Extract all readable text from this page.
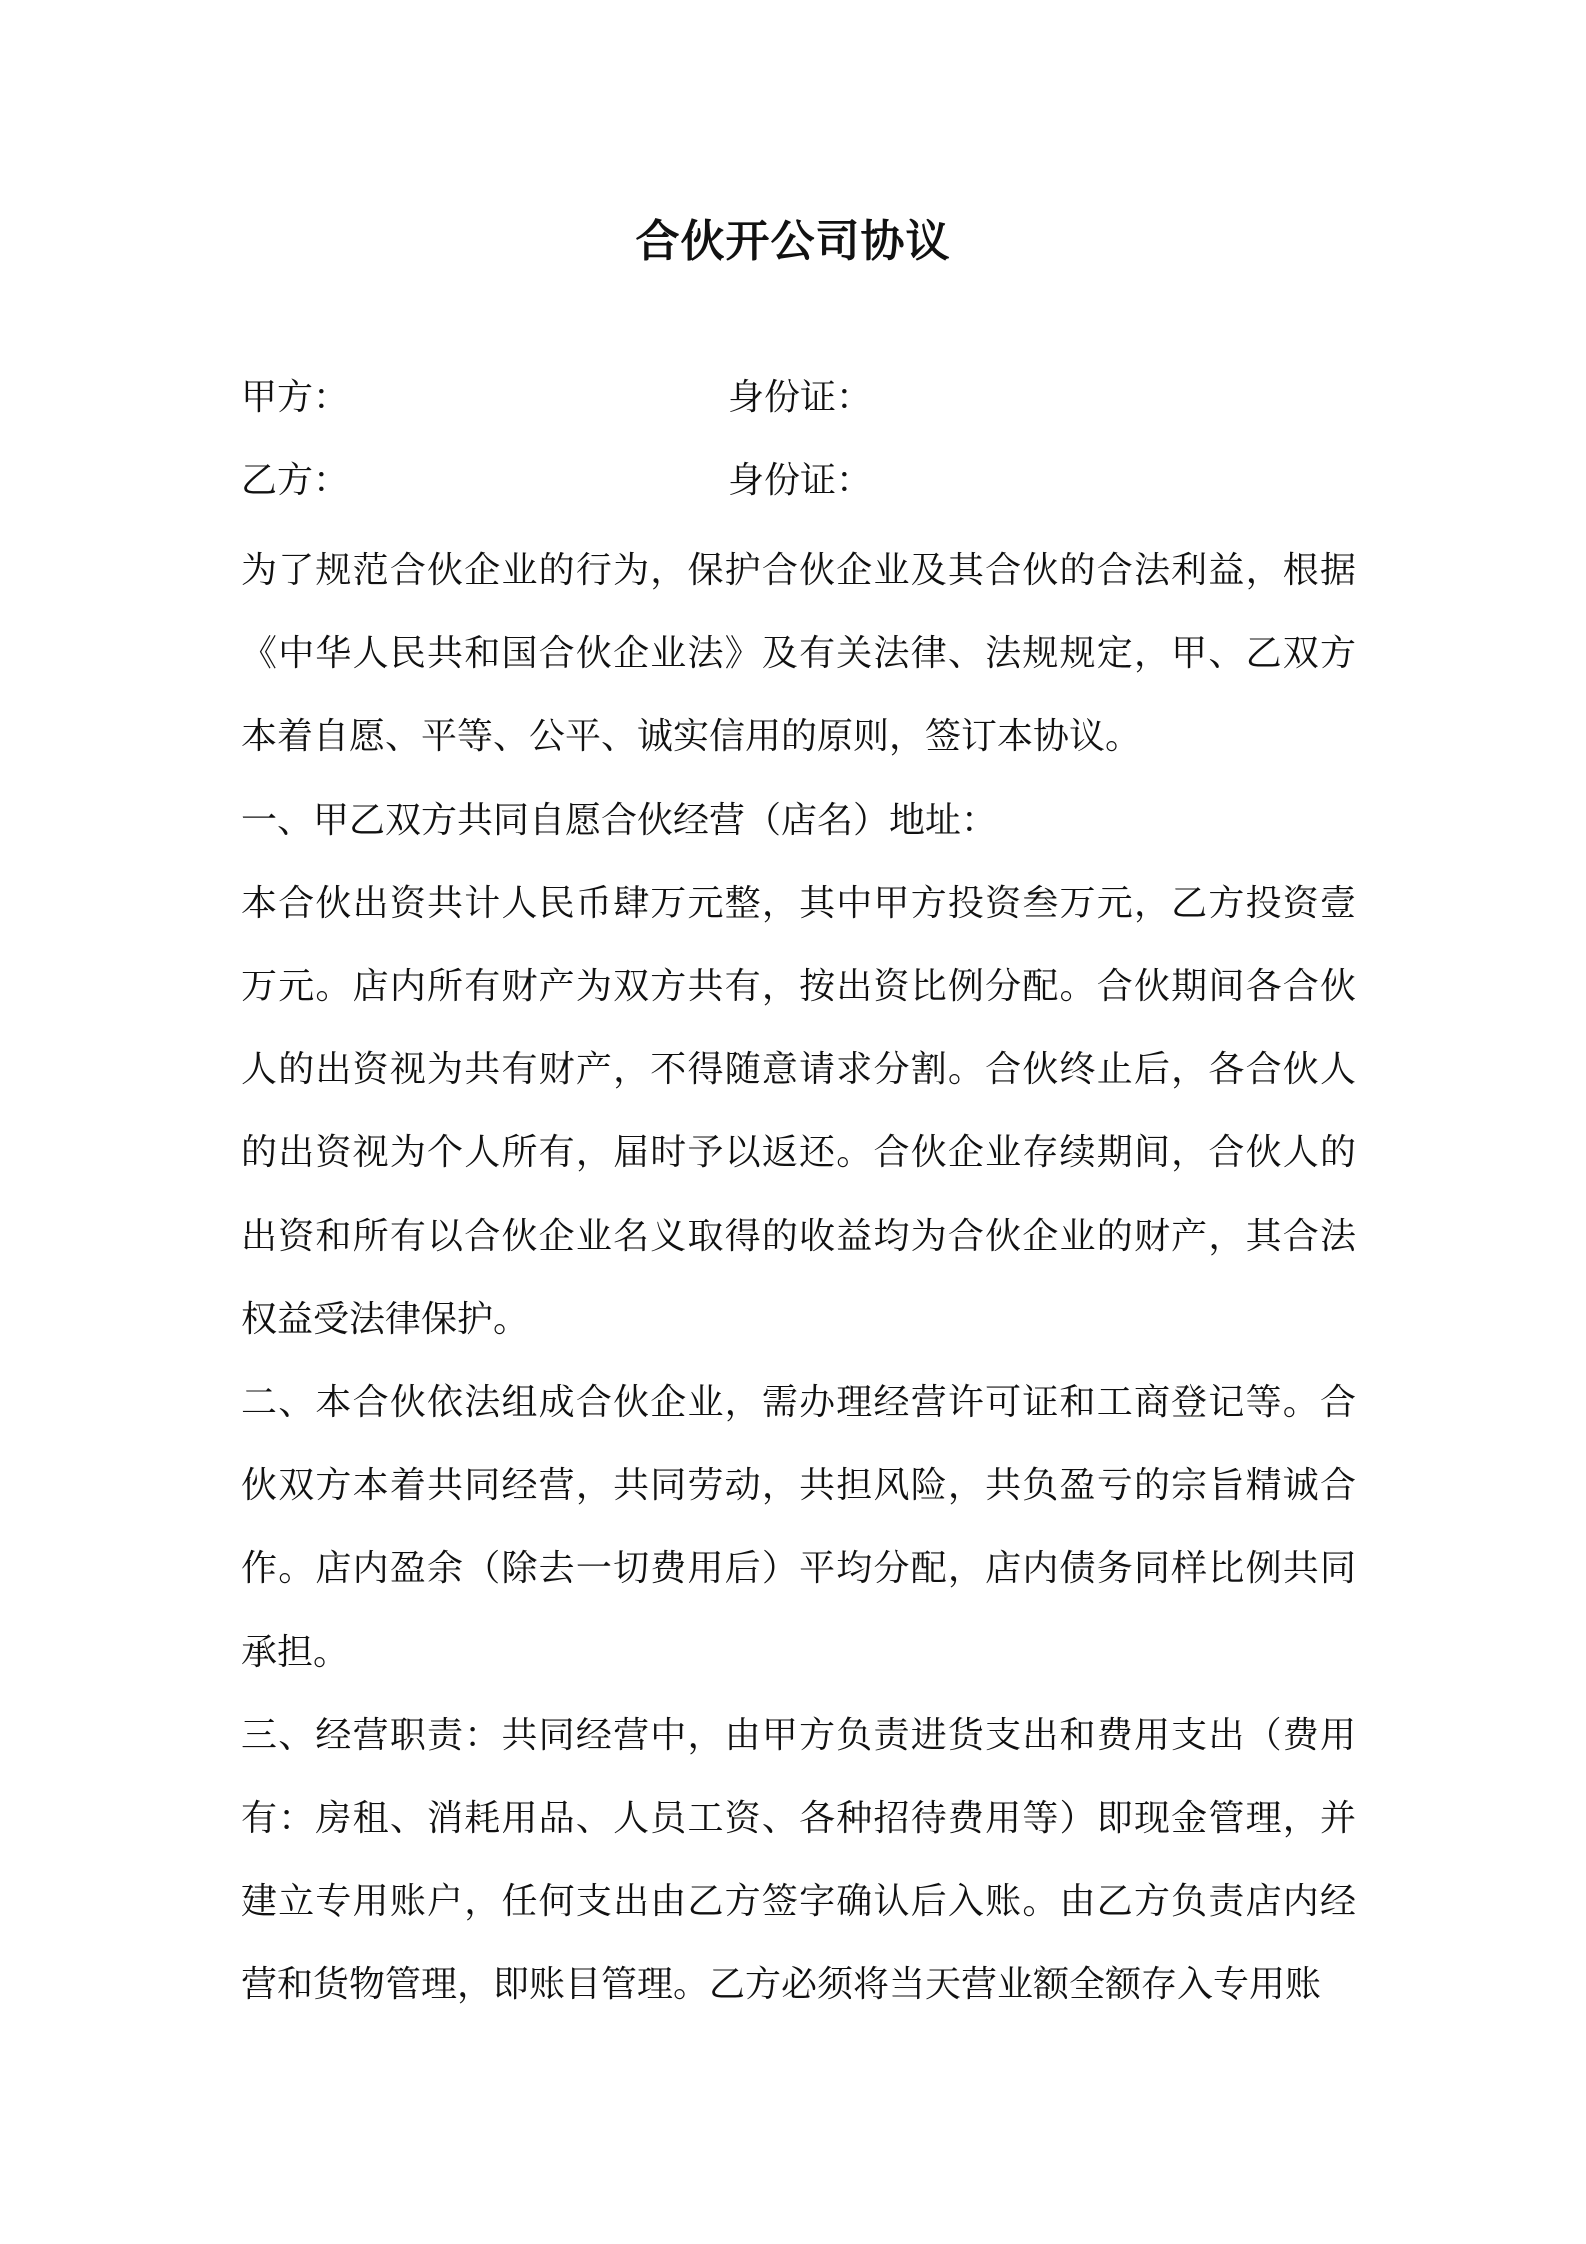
合伙开公司协议
甲方：	身份证：
乙方：	身份证：

为了规范合伙企业的行为，保护合伙企业及其合伙的合法利益，根据《中华人民共和国合伙企业法》及有关法律、法规规定，甲、乙双方本着自愿、平等、公平、诚实信用的原则，签订本协议。

一、甲乙双方共同自愿合伙经营（店名）地址：

本合伙出资共计人民币肆万元整，其中甲方投资叁万元，乙方投资壹万元。店内所有财产为双方共有，按出资比例分配。合伙期间各合伙人的出资视为共有财产，不得随意请求分割。合伙终止后，各合伙人的出资视为个人所有，届时予以返还。合伙企业存续期间，合伙人的出资和所有以合伙企业名义取得的收益均为合伙企业的财产，其合法权益受法律保护。

二、本合伙依法组成合伙企业，需办理经营许可证和工商登记等。合伙双方本着共同经营，共同劳动，共担风险，共负盈亏的宗旨精诚合作。店内盈余（除去一切费用后）平均分配，店内债务同样比例共同承担。

三、经营职责：共同经营中，由甲方负责进货支出和费用支出（费用有：房租、消耗用品、人员工资、各种招待费用等）即现金管理，并建立专用账户，任何支出由乙方签字确认后入账。由乙方负责店内经营和货物管理，即账目管理。乙方必须将当天营业额全额存入专用账
